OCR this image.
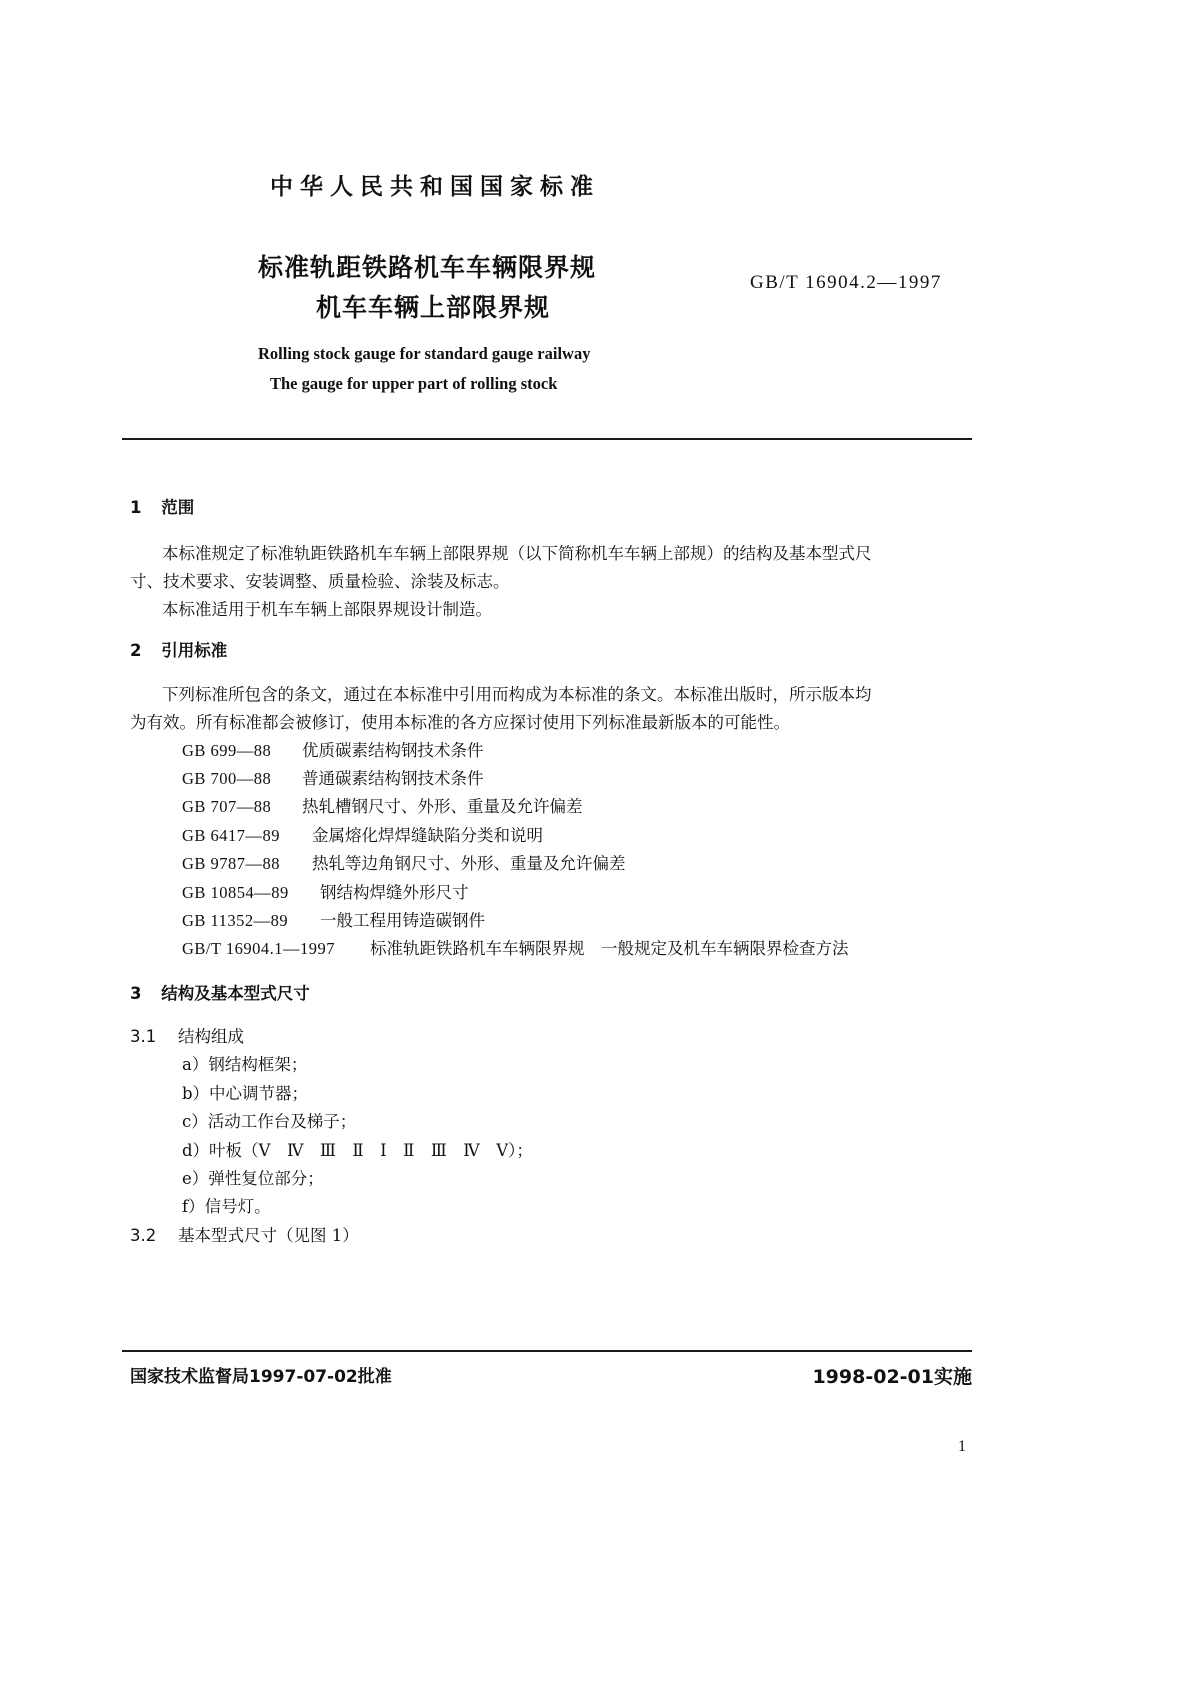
中华人民共和国国家标准
标准轨距铁路机车车辆限界规
机车车辆上部限界规
GB/T 16904.2—1997
Rolling stock gauge for standard gauge railway
The gauge for upper part of rolling stock
1 范围
本标准规定了标准轨距铁路机车车辆上部限界规（以下简称机车车辆上部规）的结构及基本型式尺
寸、技术要求、安装调整、质量检验、涂装及标志。
本标准适用于机车车辆上部限界规设计制造。
2 引用标准
下列标准所包含的条文，通过在本标准中引用而构成为本标准的条文。本标准出版时，所示版本均
为有效。所有标准都会被修订，使用本标准的各方应探讨使用下列标准最新版本的可能性。
GB 699—88 优质碳素结构钢技术条件
GB 700—88 普通碳素结构钢技术条件
GB 707—88 热轧槽钢尺寸、外形、重量及允许偏差
GB 6417—89 金属熔化焊焊缝缺陷分类和说明
GB 9787—88 热轧等边角钢尺寸、外形、重量及允许偏差
GB 10854—89 钢结构焊缝外形尺寸
GB 11352—89 一般工程用铸造碳钢件
GB/T 16904.1—1997 标准轨距铁路机车车辆限界规　一般规定及机车车辆限界检查方法
3 结构及基本型式尺寸
3.1 结构组成
a）钢结构框架；
b）中心调节器；
c）活动工作台及梯子；
d）叶板（Ⅴ　Ⅳ　Ⅲ　Ⅱ　Ⅰ　Ⅱ　Ⅲ　Ⅳ　Ⅴ）；
e）弹性复位部分；
f）信号灯。
3.2 基本型式尺寸（见图 1）
国家技术监督局1997-07-02批准	1998-02-01实施
1
